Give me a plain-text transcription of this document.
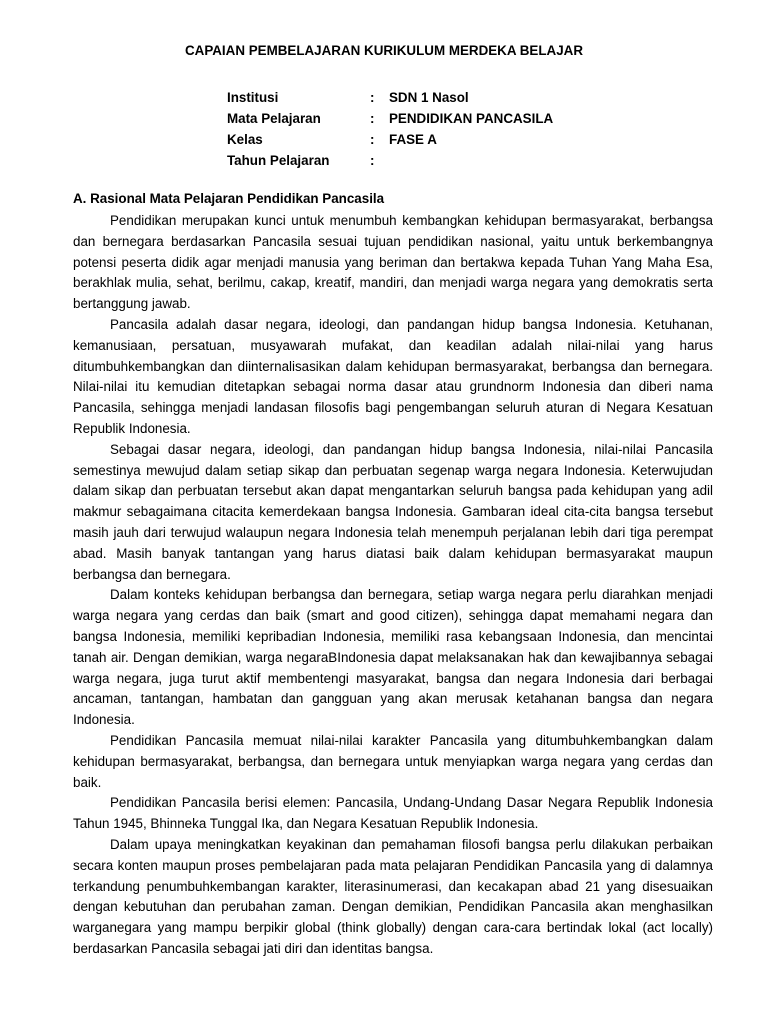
CAPAIAN PEMBELAJARAN KURIKULUM MERDEKA BELAJAR
Institusi	: SDN 1 Nasol
Mata Pelajaran	: PENDIDIKAN PANCASILA
Kelas	: FASE A
Tahun Pelajaran	:
A. Rasional Mata Pelajaran Pendidikan Pancasila

Pendidikan merupakan kunci untuk menumbuh kembangkan kehidupan bermasyarakat, berbangsa dan bernegara berdasarkan Pancasila sesuai tujuan pendidikan nasional, yaitu untuk berkembangnya potensi peserta didik agar menjadi manusia yang beriman dan bertakwa kepada Tuhan Yang Maha Esa, berakhlak mulia, sehat, berilmu, cakap, kreatif, mandiri, dan menjadi warga negara yang demokratis serta bertanggung jawab.

Pancasila adalah dasar negara, ideologi, dan pandangan hidup bangsa Indonesia. Ketuhanan, kemanusiaan, persatuan, musyawarah mufakat, dan keadilan adalah nilai-nilai yang harus ditumbuhkembangkan dan diinternalisasikan dalam kehidupan bermasyarakat, berbangsa dan bernegara. Nilai-nilai itu kemudian ditetapkan sebagai norma dasar atau grundnorm Indonesia dan diberi nama Pancasila, sehingga menjadi landasan filosofis bagi pengembangan seluruh aturan di Negara Kesatuan Republik Indonesia.

Sebagai dasar negara, ideologi, dan pandangan hidup bangsa Indonesia, nilai-nilai Pancasila semestinya mewujud dalam setiap sikap dan perbuatan segenap warga negara Indonesia. Keterwujudan dalam sikap dan perbuatan tersebut akan dapat mengantarkan seluruh bangsa pada kehidupan yang adil makmur sebagaimana citacita kemerdekaan bangsa Indonesia. Gambaran ideal cita-cita bangsa tersebut masih jauh dari terwujud walaupun negara Indonesia telah menempuh perjalanan lebih dari tiga perempat abad. Masih banyak tantangan yang harus diatasi baik dalam kehidupan bermasyarakat maupun berbangsa dan bernegara.

Dalam konteks kehidupan berbangsa dan bernegara, setiap warga negara perlu diarahkan menjadi warga negara yang cerdas dan baik (smart and good citizen), sehingga dapat memahami negara dan bangsa Indonesia, memiliki kepribadian Indonesia, memiliki rasa kebangsaan Indonesia, dan mencintai tanah air. Dengan demikian, warga negaraBIndonesia dapat melaksanakan hak dan kewajibannya sebagai warga negara, juga turut aktif membentengi masyarakat, bangsa dan negara Indonesia dari berbagai ancaman, tantangan, hambatan dan gangguan yang akan merusak ketahanan bangsa dan negara Indonesia.

Pendidikan Pancasila memuat nilai-nilai karakter Pancasila yang ditumbuhkembangkan dalam kehidupan bermasyarakat, berbangsa, dan bernegara untuk menyiapkan warga negara yang cerdas dan baik.

Pendidikan Pancasila berisi elemen: Pancasila, Undang-Undang Dasar Negara Republik Indonesia Tahun 1945, Bhinneka Tunggal Ika, dan Negara Kesatuan Republik Indonesia.

Dalam upaya meningkatkan keyakinan dan pemahaman filosofi bangsa perlu dilakukan perbaikan secara konten maupun proses pembelajaran pada mata pelajaran Pendidikan Pancasila yang di dalamnya terkandung penumbuhkembangan karakter, literasinumerasi, dan kecakapan abad 21 yang disesuaikan dengan kebutuhan dan perubahan zaman. Dengan demikian, Pendidikan Pancasila akan menghasilkan warganegara yang mampu berpikir global (think globally) dengan cara-cara bertindak lokal (act locally) berdasarkan Pancasila sebagai jati diri dan identitas bangsa.
